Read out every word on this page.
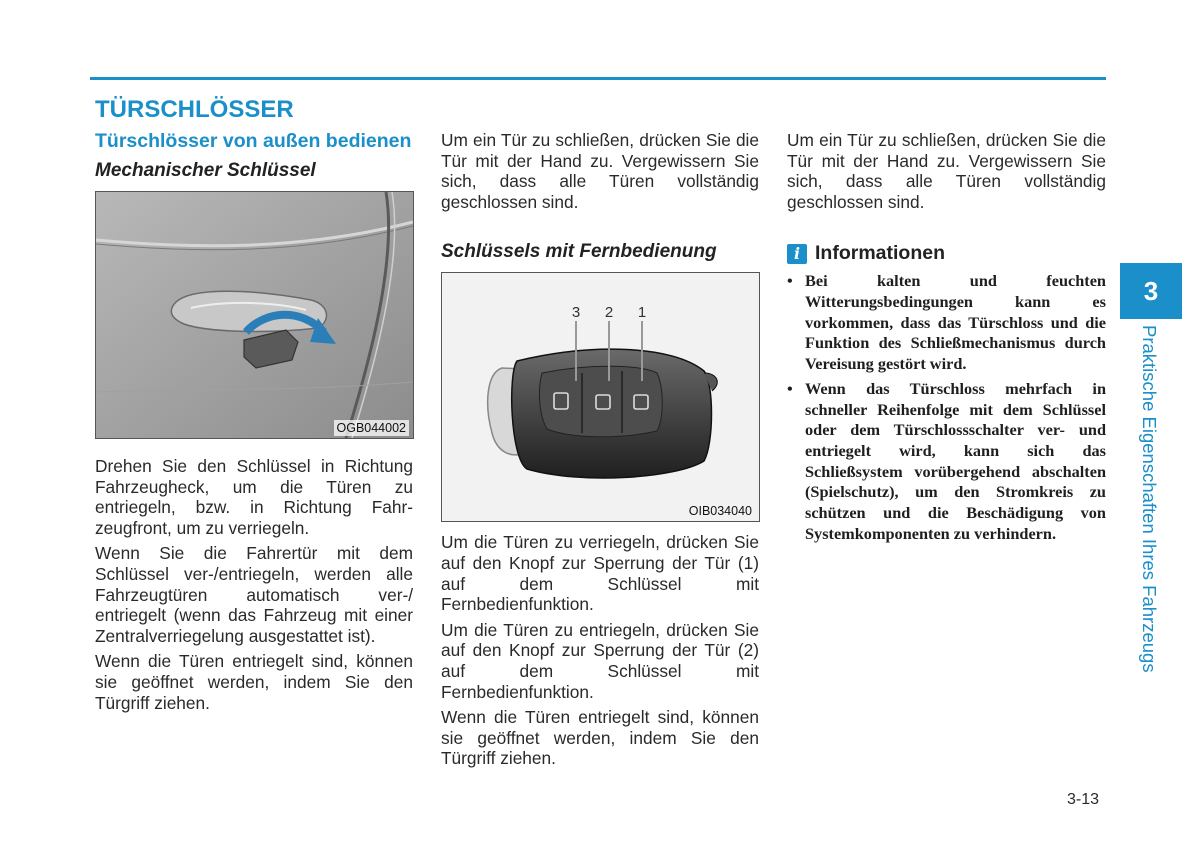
TÜRSCHLÖSSER
Türschlösser von außen bedienen
Mechanischer Schlüssel
OGB044002

Drehen Sie den Schlüssel in Richtung Fahrzeugheck, um die Türen zu entriegeln, bzw. in Richtung Fahr-zeugfront, um zu verriegeln.

Wenn Sie die Fahrertür mit dem Schlüssel ver-/entriegeln, werden alle Fahrzeugtüren automatisch ver-/ entriegelt (wenn das Fahrzeug mit einer Zentralverriegelung ausgestattet ist).

Wenn die Türen entriegelt sind, können sie geöffnet werden, indem Sie den Türgriff ziehen.

Um ein Tür zu schließen, drücken Sie die Tür mit der Hand zu. Vergewissern Sie sich, dass alle Türen vollständig geschlossen sind.

Schlüssels mit Fernbedienung
3 2 1
OIB034040

Um die Türen zu verriegeln, drücken Sie auf den Knopf zur Sperrung der Tür (1) auf dem Schlüssel mit Fernbedienfunktion.

Um die Türen zu entriegeln, drücken Sie auf den Knopf zur Sperrung der Tür (2) auf dem Schlüssel mit Fernbedienfunktion.

Wenn die Türen entriegelt sind, können sie geöffnet werden, indem Sie den Türgriff ziehen.

Um ein Tür zu schließen, drücken Sie die Tür mit der Hand zu. Vergewissern Sie sich, dass alle Türen vollständig geschlossen sind.

i Informationen
• Bei kalten und feuchten Witterungsbedingungen kann es vorkommen, dass das Türschloss und die Funktion des Schließmechanismus durch Vereisung gestört wird.
• Wenn das Türschloss mehrfach in schneller Reihenfolge mit dem Schlüssel oder dem Türschlossschalter ver- und entriegelt wird, kann sich das Schließsystem vorübergehend abschalten (Spielschutz), um den Stromkreis zu schützen und die Beschädigung von Systemkomponenten zu verhindern.
3
Praktische Eigenschaften Ihres Fahrzeugs
3-13
